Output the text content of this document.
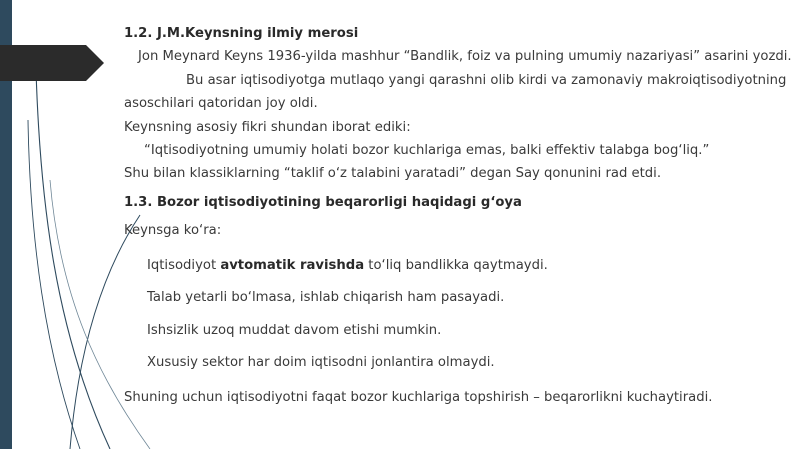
1.2. J.M.Keynsning ilmiy merosi
Jon Meynard Keyns 1936-yilda mashhur “Bandlik, foiz va pulning umumiy nazariyasi” asarini yozdi.
Bu asar iqtisodiyotga mutlaqo yangi qarashni olib kirdi va zamonaviy makroiqtisodiyotning
asoschilari qatoridan joy oldi.
Keynsning asosiy fikri shundan iborat ediki:
“Iqtisodiyotning umumiy holati bozor kuchlariga emas, balki effektiv talabga bog‘liq.”
Shu bilan klassiklarning “taklif o‘z talabini yaratadi” degan Say qonunini rad etdi.
1.3. Bozor iqtisodiyotining beqarorligi haqidagi g‘oya
Keynsga ko‘ra:
Iqtisodiyot avtomatik ravishda to‘liq bandlikka qaytmaydi.
Talab yetarli bo‘lmasa, ishlab chiqarish ham pasayadi.
Ishsizlik uzoq muddat davom etishi mumkin.
Xususiy sektor har doim iqtisodni jonlantira olmaydi.
Shuning uchun iqtisodiyotni faqat bozor kuchlariga topshirish – beqarorlikni kuchaytiradi.
